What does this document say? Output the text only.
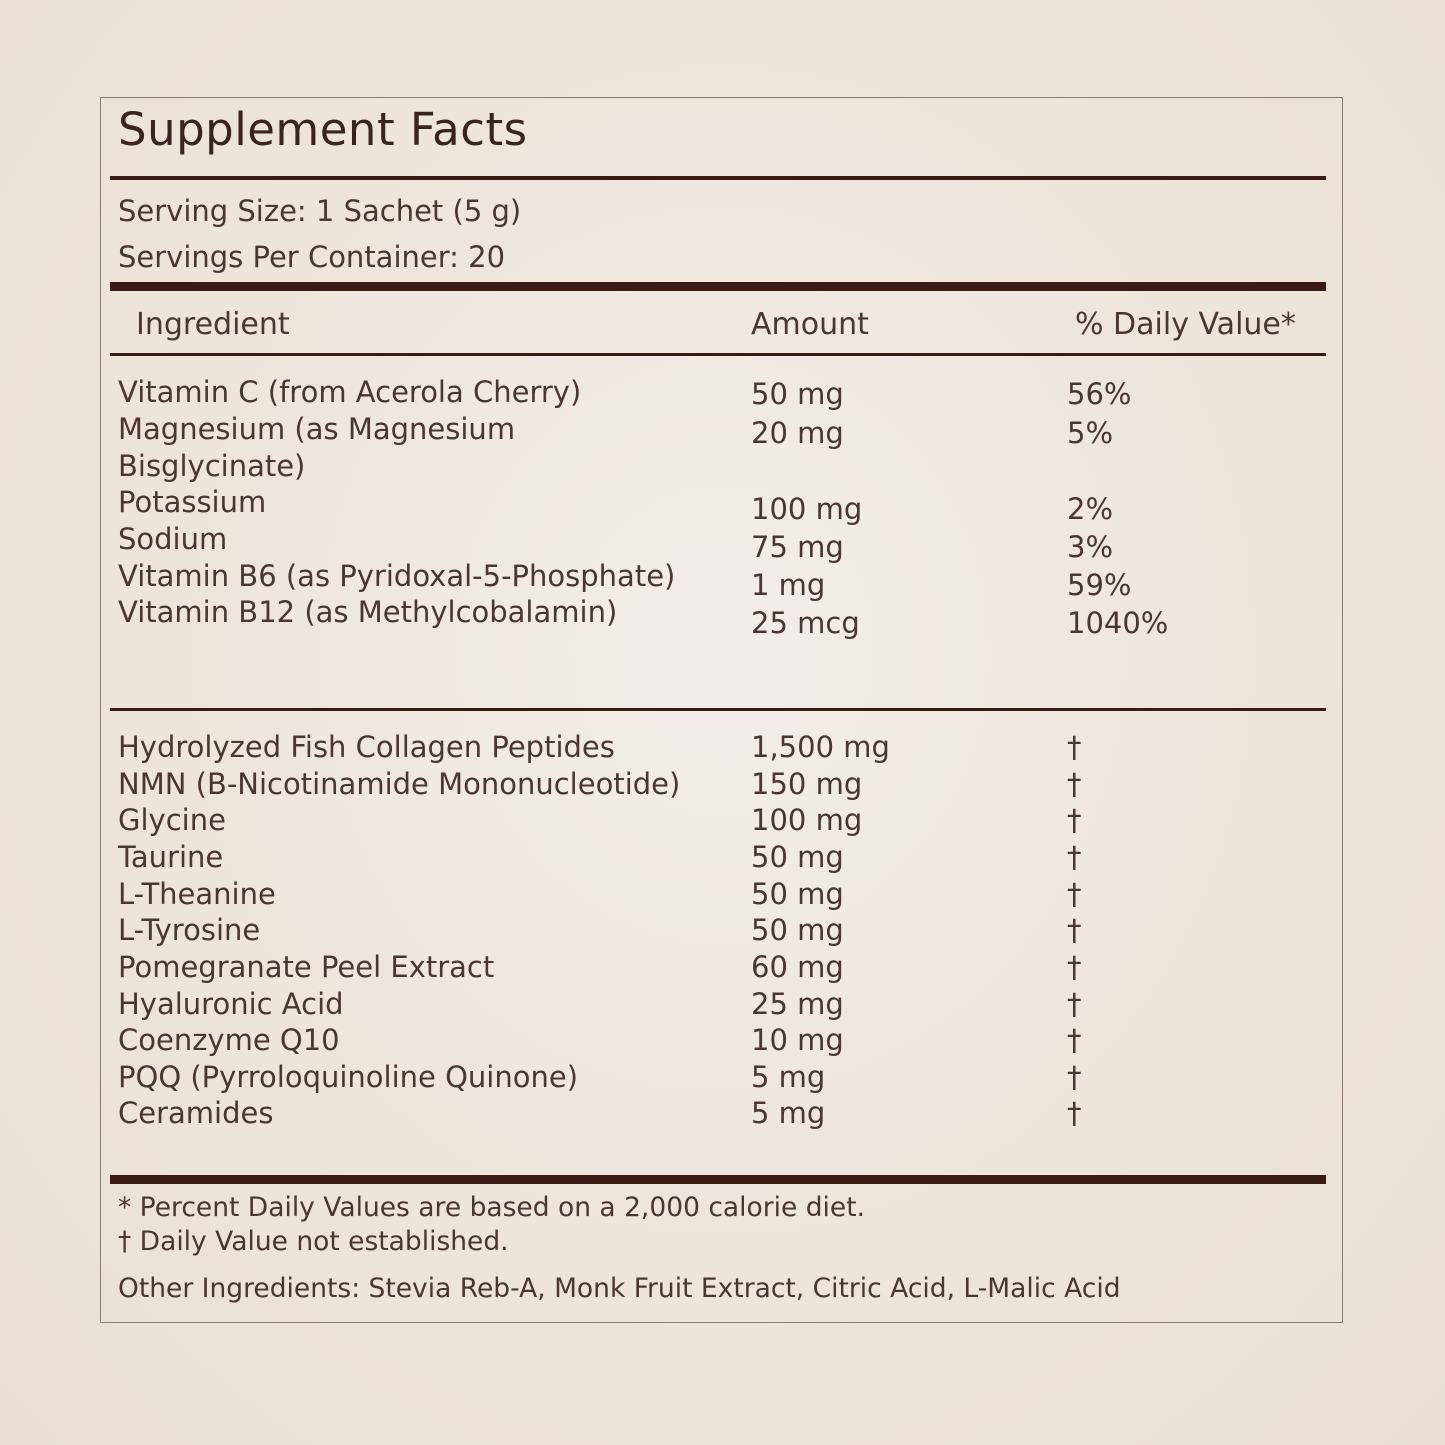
Supplement Facts
Serving Size: 1 Sachet (5 g)
Servings Per Container: 20
Ingredient	Amount	% Daily Value*
Vitamin C (from Acerola Cherry)	50 mg	56%
Magnesium (as Magnesium
Bisglycinate)
20 mg	5%
Potassium	100 mg	2%
Sodium	75 mg	3%
Vitamin B6 (as Pyridoxal-5-Phosphate)	1 mg	59%
Vitamin B12 (as Methylcobalamin)	25 mcg	1040%
Hydrolyzed Fish Collagen Peptides	1,500 mg	†
NMN (B-Nicotinamide Mononucleotide) 150 mg	†
Glycine	100 mg	†
Taurine	50 mg	†
L-Theanine	50 mg	†
L-Tyrosine	50 mg	†
Pomegranate Peel Extract	60 mg	†
Hyaluronic Acid	25 mg	†
Coenzyme Q10	10 mg	†
PQQ (Pyrroloquinoline Quinone)	5 mg	†
Ceramides	5 mg	†
* Percent Daily Values are based on a 2,000 calorie diet.
† Daily Value not established.
Other Ingredients: Stevia Reb-A, Monk Fruit Extract, Citric Acid, L-Malic Acid
